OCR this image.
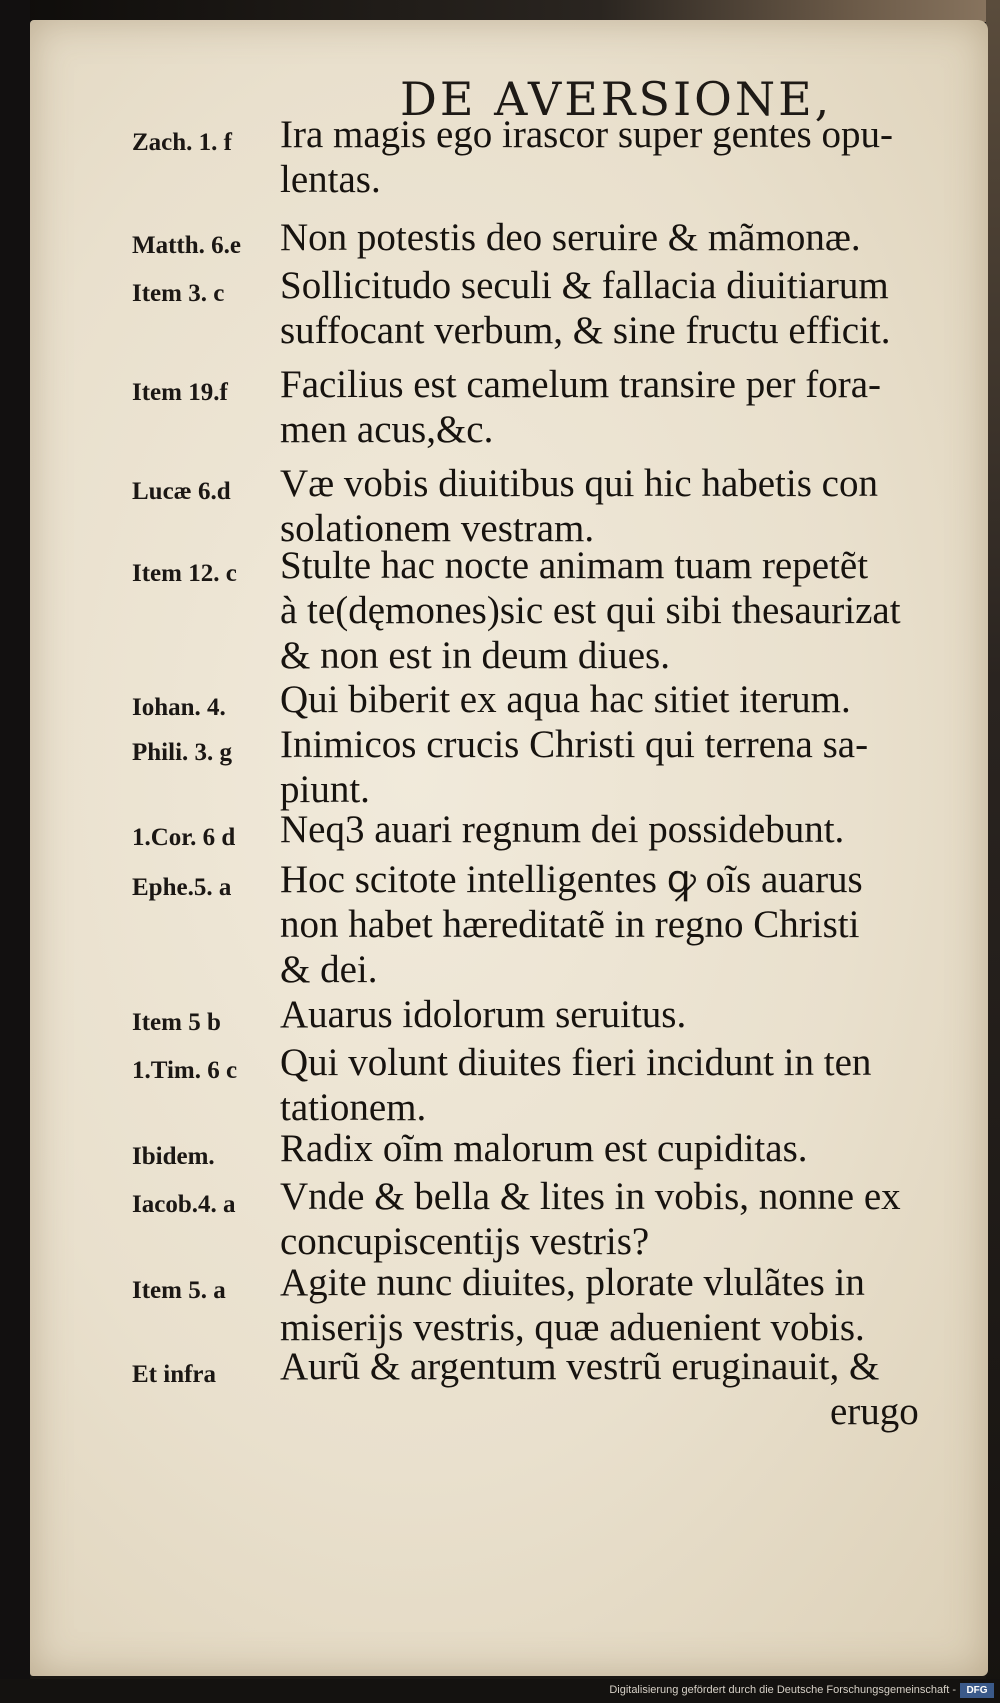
DE AVERSIONE,
Zach. 1. f	Ira magis ego irascor super gentes opu-
lentas.
Matth. 6.e	Non potestis deo seruire & mãmonæ.
Item 3. c	Sollicitudo seculi & fallacia diuitiarum
suffocant verbum, & sine fructu efficit.
Item 19.f	Facilius est camelum transire per fora-
men acus,&c.
Lucæ 6.d	Væ vobis diuitibus qui hic habetis con
solationem vestram.
Item 12. c	Stulte hac nocte animam tuam repetẽt
à te(dęmones)sic est qui sibi thesaurizat
& non est in deum diues.
Iohan. 4.	Qui biberit ex aqua hac sitiet iterum.
Phili. 3. g	Inimicos crucis Christi qui terrena sa-
piunt.
1.Cor. 6 d	Neq3 auari regnum dei possidebunt.
Ephe.5. a	Hoc scitote intelligentes ꝙ oĩs auarus
non habet hæreditatẽ in regno Christi
& dei.
Item 5 b	Auarus idolorum seruitus.
1.Tim. 6 c	Qui volunt diuites fieri incidunt in ten
tationem.
Ibidem.	Radix oĩm malorum est cupiditas.
Iacob.4. a	Vnde & bella & lites in vobis, nonne ex
concupiscentĳs vestris?
Item 5. a	Agite nunc diuites, plorate vlulãtes in
miserĳs vestris, quæ aduenient vobis.
Et infra	Aurũ & argentum vestrũ eruginauit, &
erugo
Digitalisierung gefördert durch die Deutsche Forschungsgemeinschaft -	DFG
